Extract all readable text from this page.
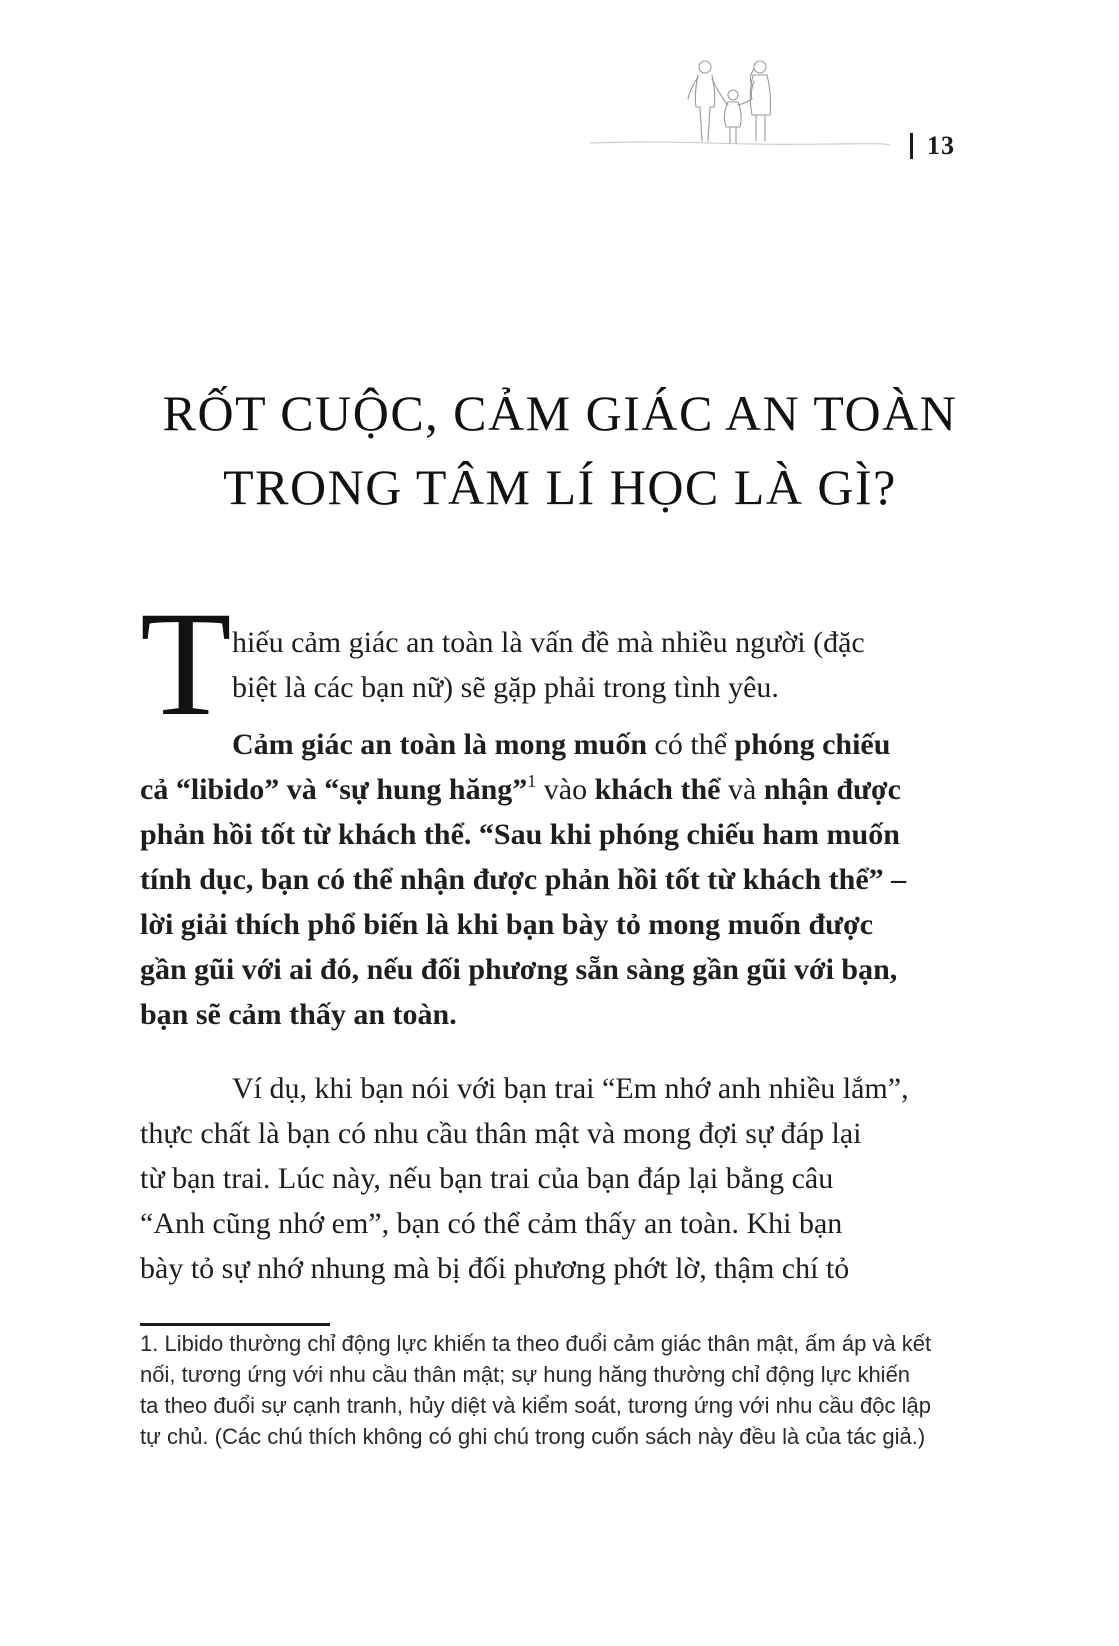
13
RỐT CUỘC, CẢM GIÁC AN TOÀN
TRONG TÂM LÍ HỌC LÀ GÌ?
T hiếu cảm giác an toàn là vấn đề mà nhiều người (đặc
biệt là các bạn nữ) sẽ gặp phải trong tình yêu.
Cảm giác an toàn là mong muốn có thể phóng chiếu
cả “libido” và “sự hung hăng”$^1$ vào khách thể và nhận được
phản hồi tốt từ khách thể. “Sau khi phóng chiếu ham muốn
tính dục, bạn có thể nhận được phản hồi tốt từ khách thể” –
lời giải thích phổ biến là khi bạn bày tỏ mong muốn được
gần gũi với ai đó, nếu đối phương sẵn sàng gần gũi với bạn,
bạn sẽ cảm thấy an toàn.
Ví dụ, khi bạn nói với bạn trai “Em nhớ anh nhiều lắm”,
thực chất là bạn có nhu cầu thân mật và mong đợi sự đáp lại
từ bạn trai. Lúc này, nếu bạn trai của bạn đáp lại bằng câu
“Anh cũng nhớ em”, bạn có thể cảm thấy an toàn. Khi bạn
bày tỏ sự nhớ nhung mà bị đối phương phớt lờ, thậm chí tỏ
1. Libido thường chỉ động lực khiến ta theo đuổi cảm giác thân mật, ấm áp và kết
nối, tương ứng với nhu cầu thân mật; sự hung hăng thường chỉ động lực khiến
ta theo đuổi sự cạnh tranh, hủy diệt và kiểm soát, tương ứng với nhu cầu độc lập
tự chủ. (Các chú thích không có ghi chú trong cuốn sách này đều là của tác giả.)
